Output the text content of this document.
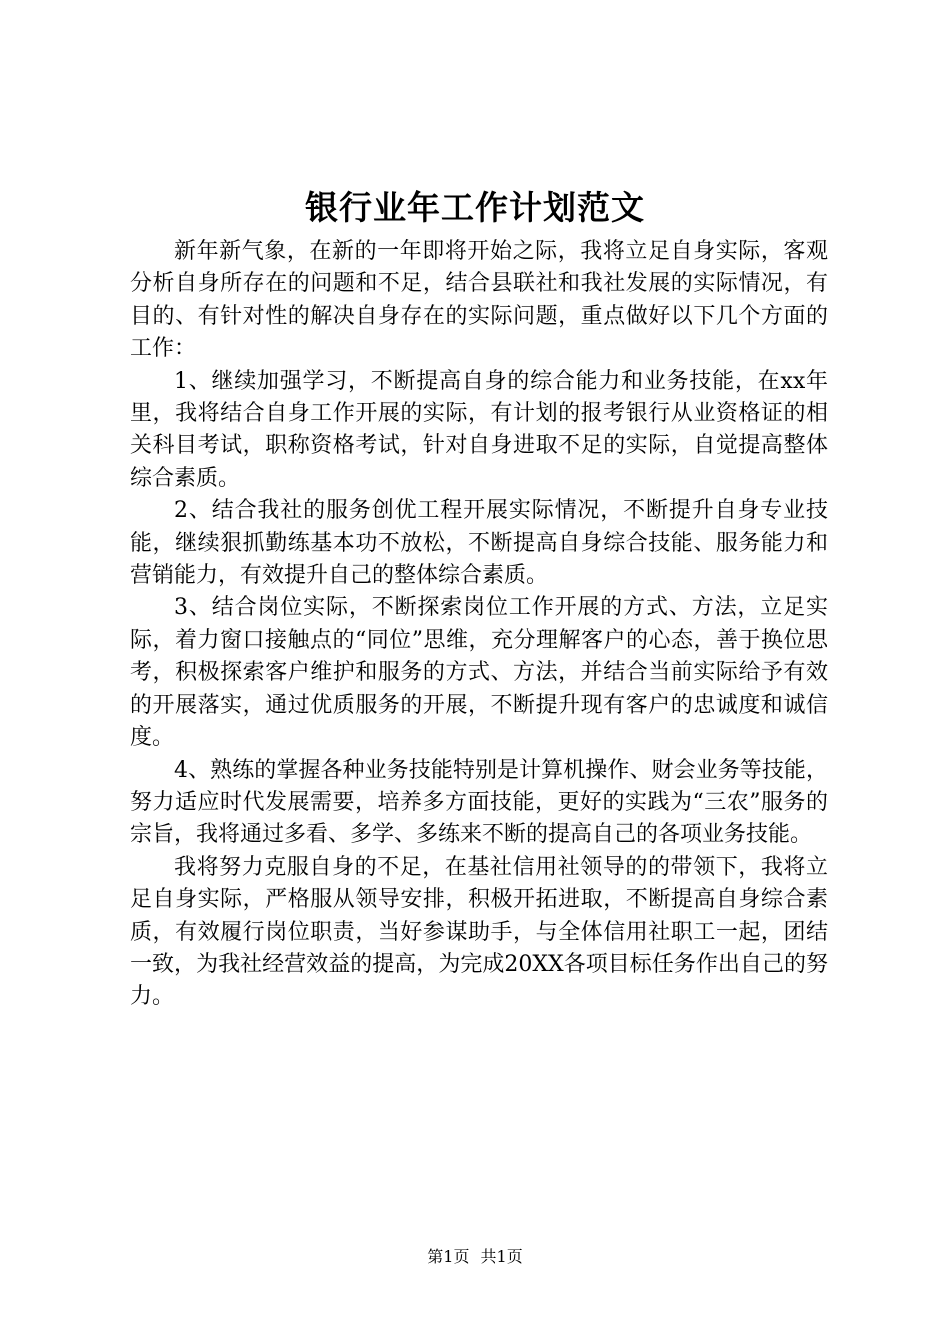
银行业年工作计划范文

新年新气象，在新的一年即将开始之际，我将立足自身实际，客观分析自身所存在的问题和不足，结合县联社和我社发展的实际情况，有目的、有针对性的解决自身存在的实际问题，重点做好以下几个方面的工作：

1、继续加强学习，不断提高自身的综合能力和业务技能，在xx年里，我将结合自身工作开展的实际，有计划的报考银行从业资格证的相关科目考试，职称资格考试，针对自身进取不足的实际，自觉提高整体综合素质。

2、结合我社的服务创优工程开展实际情况，不断提升自身专业技能，继续狠抓勤练基本功不放松，不断提高自身综合技能、服务能力和营销能力，有效提升自己的整体综合素质。

3、结合岗位实际，不断探索岗位工作开展的方式、方法，立足实际，着力窗口接触点的“同位”思维，充分理解客户的心态，善于换位思考，积极探索客户维护和服务的方式、方法，并结合当前实际给予有效的开展落实，通过优质服务的开展，不断提升现有客户的忠诚度和诚信度。

4、熟练的掌握各种业务技能特别是计算机操作、财会业务等技能，努力适应时代发展需要，培养多方面技能，更好的实践为“三农”服务的宗旨，我将通过多看、多学、多练来不断的提高自己的各项业务技能。

我将努力克服自身的不足，在基社信用社领导的的带领下，我将立足自身实际，严格服从领导安排，积极开拓进取，不断提高自身综合素质，有效履行岗位职责，当好参谋助手，与全体信用社职工一起，团结一致，为我社经营效益的提高，为完成20XX各项目标任务作出自己的努力。

第1页 共1页
